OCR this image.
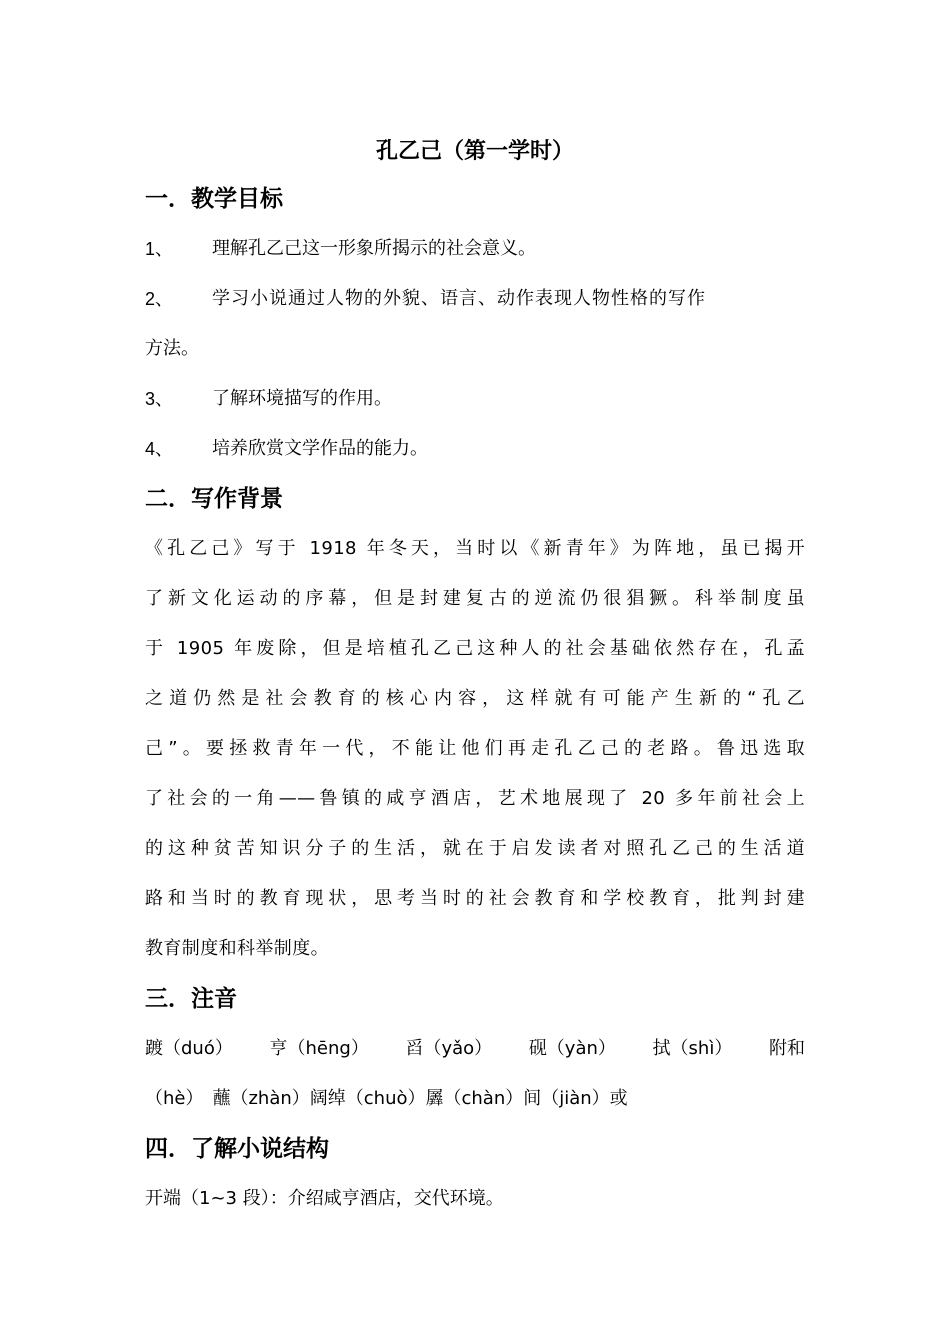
孔乙己（第一学时）
一．教学目标
1、	理解孔乙己这一形象所揭示的社会意义。
2、	学习小说通过人物的外貌、语言、动作表现人物性格的写作
方法。
3、	了解环境描写的作用。
4、	培养欣赏文学作品的能力。
二．写作背景
《孔乙己》写于 1918 年冬天，当时以《新青年》为阵地，虽已揭开
了新文化运动的序幕，但是封建复古的逆流仍很猖獗。科举制度虽
于 1905 年废除，但是培植孔乙己这种人的社会基础依然存在，孔孟
之道仍然是社会教育的核心内容，这样就有可能产生新的“孔乙
己”。要拯救青年一代，不能让他们再走孔乙己的老路。鲁迅选取
了社会的一角——鲁镇的咸亨酒店，艺术地展现了 20 多年前社会上
的这种贫苦知识分子的生活，就在于启发读者对照孔乙己的生活道
路和当时的教育现状，思考当时的社会教育和学校教育，批判封建
教育制度和科举制度。
三．注音
踱（duó） 亨（hēng） 舀（yǎo） 砚（yàn） 拭（shì） 附和
（hè）　蘸（zhàn）阔绰（chuò）羼（chàn）间（jiàn）或
四．了解小说结构
开端（1~3 段）：介绍咸亨酒店，交代环境。
